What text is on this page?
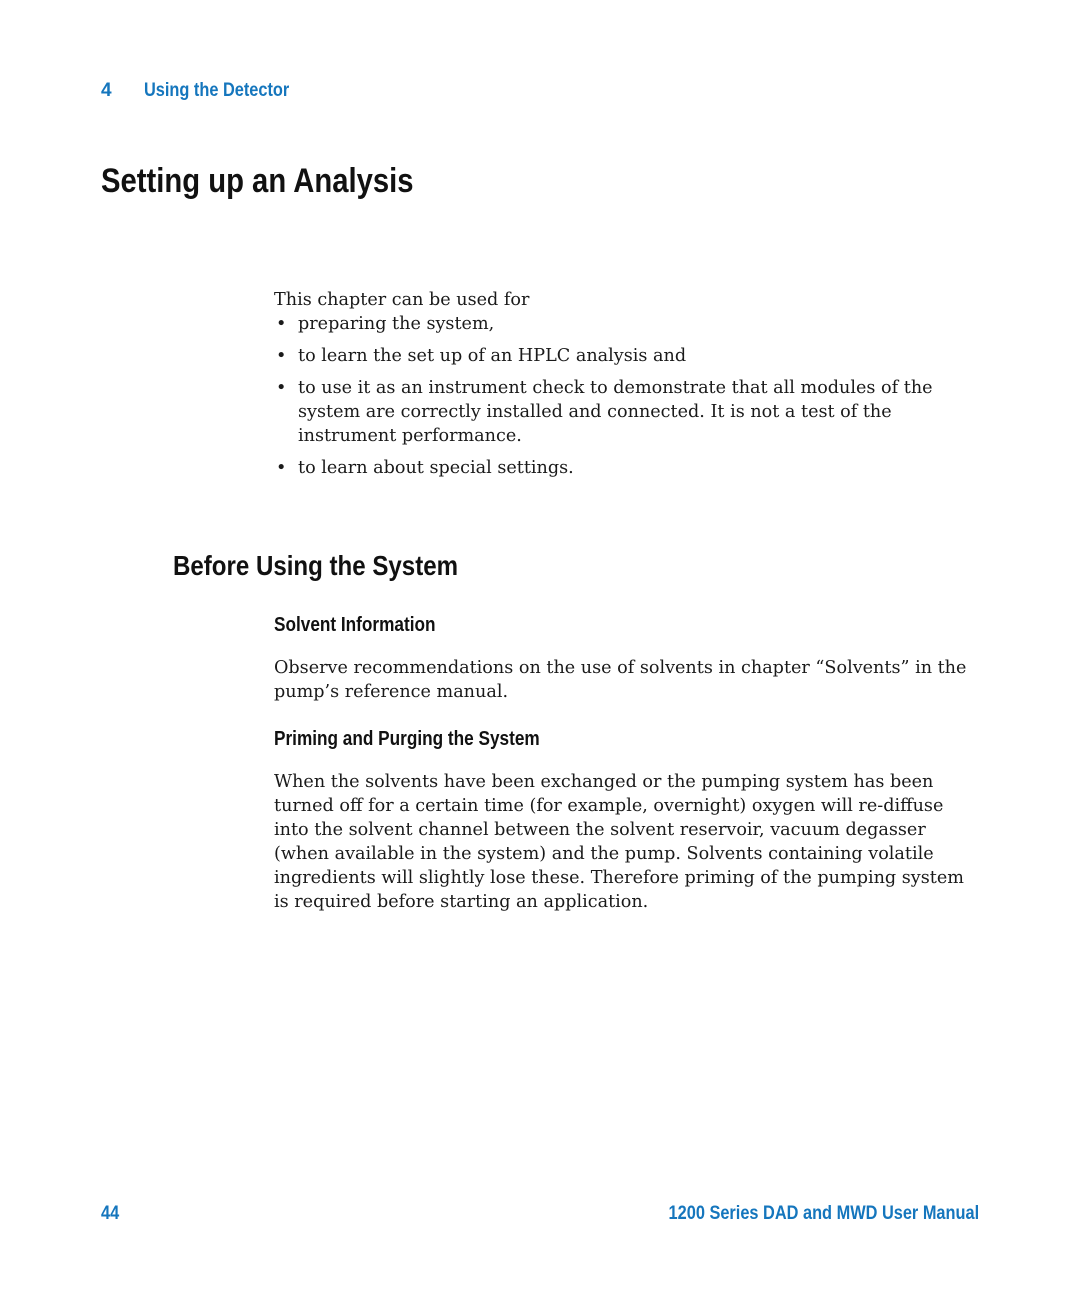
4 Using the Detector
Setting up an Analysis

This chapter can be used for

• preparing the system,
• to learn the set up of an HPLC analysis and
• to use it as an instrument check to demonstrate that all modules of the system are correctly installed and connected. It is not a test of the instrument performance.
• to learn about special settings.
Before Using the System
Solvent Information

Observe recommendations on the use of solvents in chapter “Solvents” in the pump’s reference manual.

Priming and Purging the System

When the solvents have been exchanged or the pumping system has been turned off for a certain time (for example, overnight) oxygen will re-diffuse into the solvent channel between the solvent reservoir, vacuum degasser (when available in the system) and the pump. Solvents containing volatile ingredients will slightly lose these. Therefore priming of the pumping system is required before starting an application.

44	1200 Series DAD and MWD User Manual
